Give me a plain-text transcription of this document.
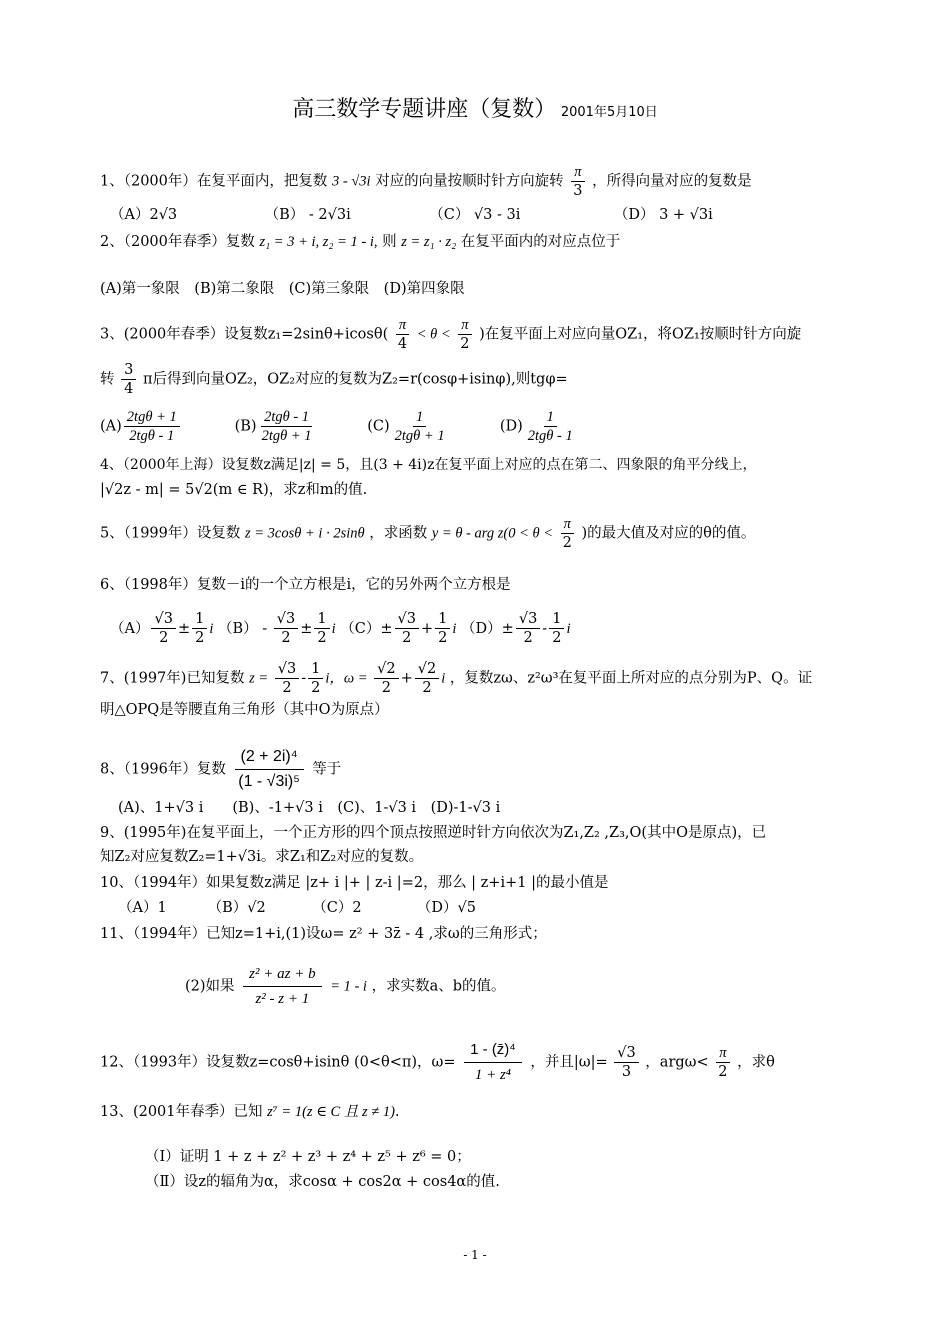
高三数学专题讲座（复数） 2001年5月10日
1、（2000年）在复平面内，把复数 3 - √3i 对应的向量按顺时针方向旋转 $\frac{\pi}{3}$ ，所得向量对应的复数是
（A）2√3	（B） - 2√3i	（C） √3 - 3i	（D） 3 + √3i
2、（2000年春季）复数 z₁ = 3 + i, z₂ = 1 - i, 则 z = z₁ · z₂ 在复平面内的对应点位于
(A)第一象限　(B)第二象限　(C)第三象限　(D)第四象限
3、(2000年春季）设复数$z_1=2\sin\theta+icos\theta( \frac{\pi}{4} < \theta < \frac{\pi}{2}$ )在复平面上对应向量OZ₁，将OZ₁按顺时针方向旋
转 $\frac{3}{4}$ π后得到向量OZ₂，OZ₂对应的复数为Z₂=r(cosφ+isinφ),则tgφ=
$(A) \frac{\text{2tgθ + 1}}{\text{2tgθ - 1}}$	$(B) \frac{\text{2tgθ - 1}}{\text{2tgθ + 1}}$	$(C) \frac{1}{\text{2tgθ + 1}}$	$(D) \frac{1}{\text{2tgθ - 1}}$
4、（2000年上海）设复数z满足|z| = 5，且(3 + 4i)z在复平面上对应的点在第二、四象限的角平分线上，
|√2z - m| = 5√2(m ∈ R)，求z和m的值.
5、（1999年）设复数 z = 3cosθ + i · 2sinθ ，求函数 y = θ - arg $z(0 < \theta < \frac{\pi}{2}$ )的最大值及对应的θ的值。
6、（1998年）复数－i的一个立方根是i，它的另外两个立方根是
$(A) \frac{√3}{2} \pm \frac{1}{2}$ i $(B) - \frac{√3}{2} \pm \frac{1}{2}$ i $(C)\pm \frac{√3}{2} + \frac{1}{2}$ i $(D)\pm \frac{√3}{2} - \frac{1}{2}$ i
7、(1997年)已知复数 $z = \frac{√3}{2} - \frac{1}{2}$ i，$\omega = \frac{√2}{2} + \frac{√2}{2}$ i ，复数zω、z²ω³在复平面上所对应的点分别为P、Q。证
明△OPQ是等腰直角三角形（其中O为原点）
8、（1996年）复数 $\frac{\text{(2 + 2i)⁴}}{\text{(1 - √3i)⁵}}$ 等于
(A)、1+√3 i　　(B)、-1+√3 i　(C)、1-√3 i　(D)-1-√3 i
9、(1995年)在复平面上，一个正方形的四个顶点按照逆时针方向依次为Z₁,Z₂ ,Z₃,O(其中O是原点)，已
知Z₂对应复数Z₂=1+√3i。求Z₁和Z₂对应的复数。
10、（1994年）如果复数z满足 |z+ i |+ | z-i |=2，那么 | z+i+1 |的最小值是
（A）1	（B）√2	（C）2	（D）√5
11、（1994年）已知z=1+i,(1)设ω= z² + 3z̄ - 4 ,求ω的三角形式；
(2)如果 $\frac{\text{z² + az + b}}{\text{z² - z + 1}} = 1 - i$ ，求实数a、b的值。
12、（1993年）设复数z=cosθ+isinθ (0<θ<π)，$\omega= \frac{\text{1 - (z̄)⁴}}{\text{1 + z⁴}}$ ，并且$|\omega|= \frac{√3}{3}$ ，$arg\omega< \frac{\pi}{2}$ ，求θ
13、(2001年春季）已知 z⁷ = 1(z ∈ C 且 z ≠ 1).
（Ⅰ）证明 1 + z + z² + z³ + z⁴ + z⁵ + z⁶ = 0；
（Ⅱ）设z的辐角为α，求cosα + cos2α + cos4α的值.
- 1 -
